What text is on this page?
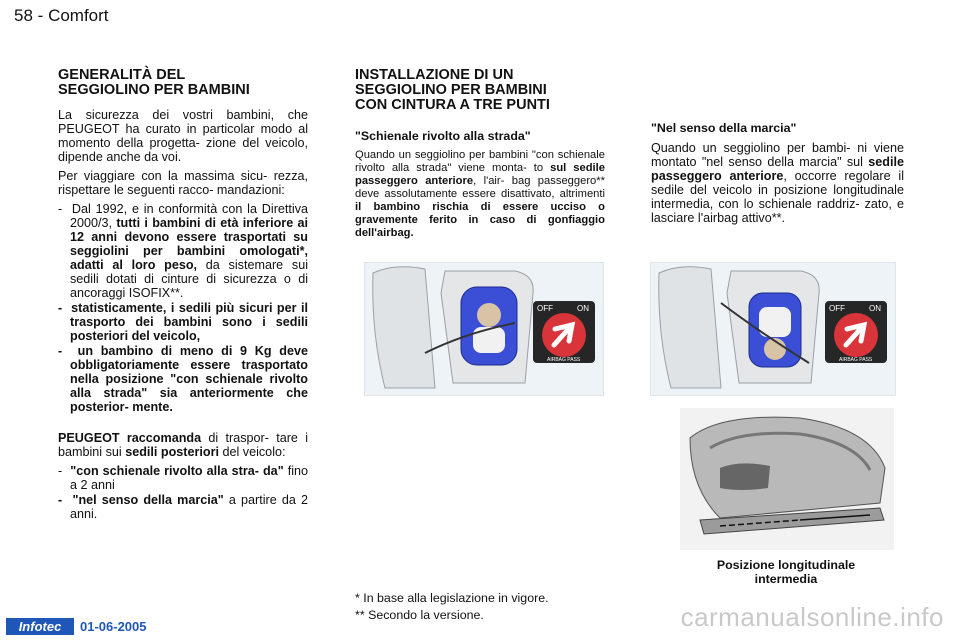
58 - Comfort
GENERALITÀ DEL
SEGGIOLINO PER BAMBINI

La sicurezza dei vostri bambini, che PEUGEOT ha curato in particolar modo al momento della progetta- zione del veicolo, dipende anche da voi.

Per viaggiare con la massima sicu- rezza, rispettare le seguenti racco- mandazioni:

- Dal 1992, e in conformità con la Direttiva 2000/3, tutti i bambini di età inferiore ai 12 anni devono essere trasportati su seggiolini per bambini omologati*, adatti al loro peso, da sistemare sui sedili dotati di cinture di sicurezza o di ancoraggi ISOFIX**.
- statisticamente, i sedili più sicuri per il trasporto dei bambini sono i sedili posteriori del veicolo,
- un bambino di meno di 9 Kg deve obbligatoriamente essere trasportato nella posizione "con schienale rivolto alla strada" sia anteriormente che posterior- mente.

PEUGEOT raccomanda di traspor- tare i bambini sui sedili posteriori del veicolo:

- "con schienale rivolto alla stra- da" fino a 2 anni
- "nel senso della marcia" a partire da 2 anni.
INSTALLAZIONE DI UN
SEGGIOLINO PER BAMBINI
CON CINTURA A TRE PUNTI
"Schienale rivolto alla strada"
Quando un seggiolino per bambini "con schienale rivolto alla strada" viene monta- to sul sedile passeggero anteriore, l'air- bag passeggero** deve assolutamente essere disattivato, altrimenti il bambino rischia di essere ucciso o gravemente ferito in caso di gonfiaggio dell'airbag.
OFF	ON
AIRBAG PASS
* In base alla legislazione in vigore.
** Secondo la versione.
"Nel senso della marcia"

Quando un seggiolino per bambi- ni viene montato "nel senso della marcia" sul sedile passeggero anteriore, occorre regolare il sedile del veicolo in posizione longitudinale intermedia, con lo schienale raddriz- zato, e lasciare l'airbag attivo**.

OFF	ON
AIRBAG PASS
Posizione longitudinale
intermedia
Infotec	01-06-2005	carmanualsonline.info
